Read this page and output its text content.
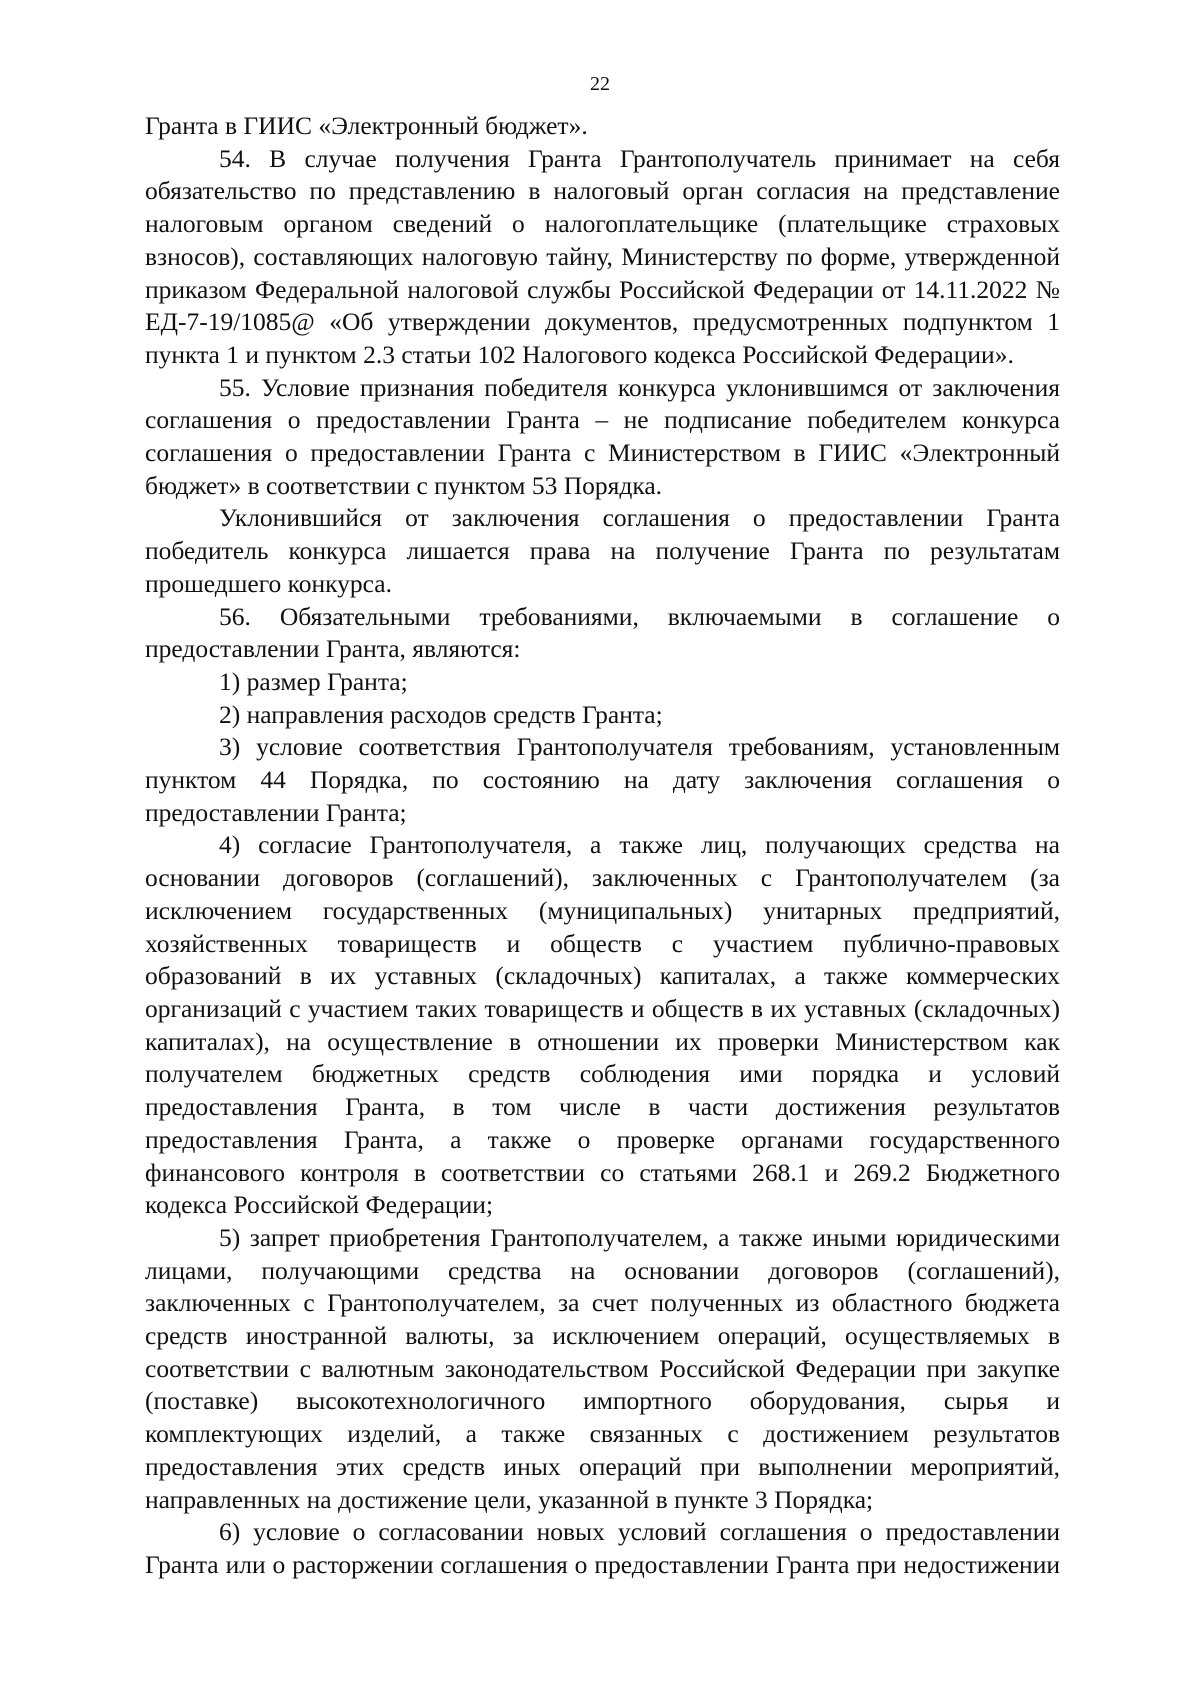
22

Гранта в ГИИС «Электронный бюджет».

54. В случае получения Гранта Грантополучатель принимает на себя обязательство по представлению в налоговый орган согласия на представление налоговым органом сведений о налогоплательщике (плательщике страховых взносов), составляющих налоговую тайну, Министерству по форме, утвержденной приказом Федеральной налоговой службы Российской Федерации от 14.11.2022 № ЕД-7-19/1085@ «Об утверждении документов, предусмотренных подпунктом 1 пункта 1 и пунктом 2.3 статьи 102 Налогового кодекса Российской Федерации».

55. Условие признания победителя конкурса уклонившимся от заключения соглашения о предоставлении Гранта – не подписание победителем конкурса соглашения о предоставлении Гранта с Министерством в ГИИС «Электронный бюджет» в соответствии с пунктом 53 Порядка.

Уклонившийся от заключения соглашения о предоставлении Гранта победитель конкурса лишается права на получение Гранта по результатам прошедшего конкурса.

56. Обязательными требованиями, включаемыми в соглашение о предоставлении Гранта, являются:

1) размер Гранта;

2) направления расходов средств Гранта;

3) условие соответствия Грантополучателя требованиям, установленным пунктом 44 Порядка, по состоянию на дату заключения соглашения о предоставлении Гранта;

4) согласие Грантополучателя, а также лиц, получающих средства на основании договоров (соглашений), заключенных с Грантополучателем (за исключением государственных (муниципальных) унитарных предприятий, хозяйственных товариществ и обществ с участием публично-правовых образований в их уставных (складочных) капиталах, а также коммерческих организаций с участием таких товариществ и обществ в их уставных (складочных) капиталах), на осуществление в отношении их проверки Министерством как получателем бюджетных средств соблюдения ими порядка и условий предоставления Гранта, в том числе в части достижения результатов предоставления Гранта, а также о проверке органами государственного финансового контроля в соответствии со статьями 268.1 и 269.2 Бюджетного кодекса Российской Федерации;

5) запрет приобретения Грантополучателем, а также иными юридическими лицами, получающими средства на основании договоров (соглашений), заключенных с Грантополучателем, за счет полученных из областного бюджета средств иностранной валюты, за исключением операций, осуществляемых в соответствии с валютным законодательством Российской Федерации при закупке (поставке) высокотехнологичного импортного оборудования, сырья и комплектующих изделий, а также связанных с достижением результатов предоставления этих средств иных операций при выполнении мероприятий, направленных на достижение цели, указанной в пункте 3 Порядка;

6) условие о согласовании новых условий соглашения о предоставлении Гранта или о расторжении соглашения о предоставлении Гранта при недостижении
